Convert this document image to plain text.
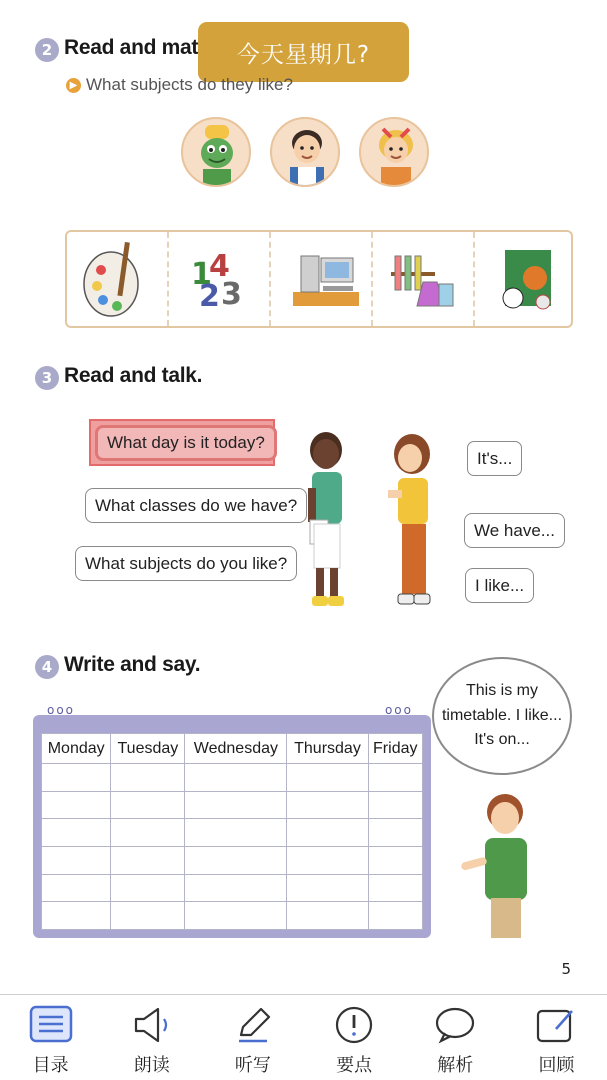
2 Read and mat	今天星期几?
▶ What subjects do they like?
1
4
2 3
3 Read and talk.
What day is it today?
What classes do we have?
What subjects do you like?
It's...
We have...
I like...
4 Write and say.
ooo	ooo
Monday	Tuesday	Wednesday	Thursday	Friday

This is my
timetable. I like...
It's on...
5
目录	朗读	听写	要点	解析	回顾
